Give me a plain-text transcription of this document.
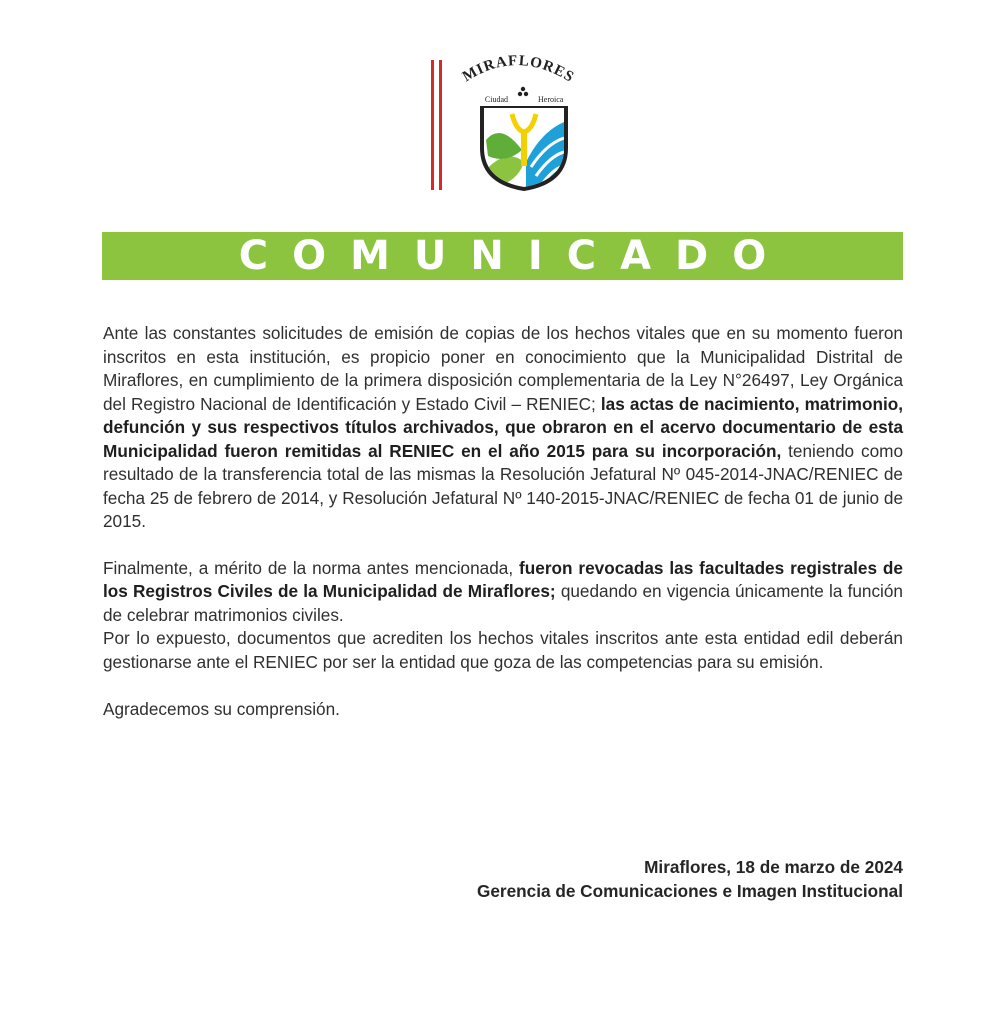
MIRAFLORES
Ciudad	Heroica
COMUNICADO

Ante las constantes solicitudes de emisión de copias de los hechos vitales que en su momento fueron inscritos en esta institución, es propicio poner en conocimiento que la Municipalidad Distrital de Miraflores, en cumplimiento de la primera disposición complementaria de la Ley N°26497, Ley Orgánica del Registro Nacional de Identificación y Estado Civil – RENIEC; las actas de nacimiento, matrimonio, defunción y sus respectivos títulos archivados, que obraron en el acervo documentario de esta Municipalidad fueron remitidas al RENIEC en el año 2015 para su incorporación, teniendo como resultado de la transferencia total de las mismas la Resolución Jefatural Nº 045-2014-JNAC/RENIEC de fecha 25 de febrero de 2014, y Resolución Jefatural Nº 140-2015-JNAC/RENIEC de fecha 01 de junio de 2015.

Finalmente, a mérito de la norma antes mencionada, fueron revocadas las facultades registrales de los Registros Civiles de la Municipalidad de Miraflores; quedando en vigencia únicamente la función de celebrar matrimonios civiles.

Por lo expuesto, documentos que acrediten los hechos vitales inscritos ante esta entidad edil deberán gestionarse ante el RENIEC por ser la entidad que goza de las competencias para su emisión.

Agradecemos su comprensión.

Miraflores, 18 de marzo de 2024
Gerencia de Comunicaciones e Imagen Institucional
